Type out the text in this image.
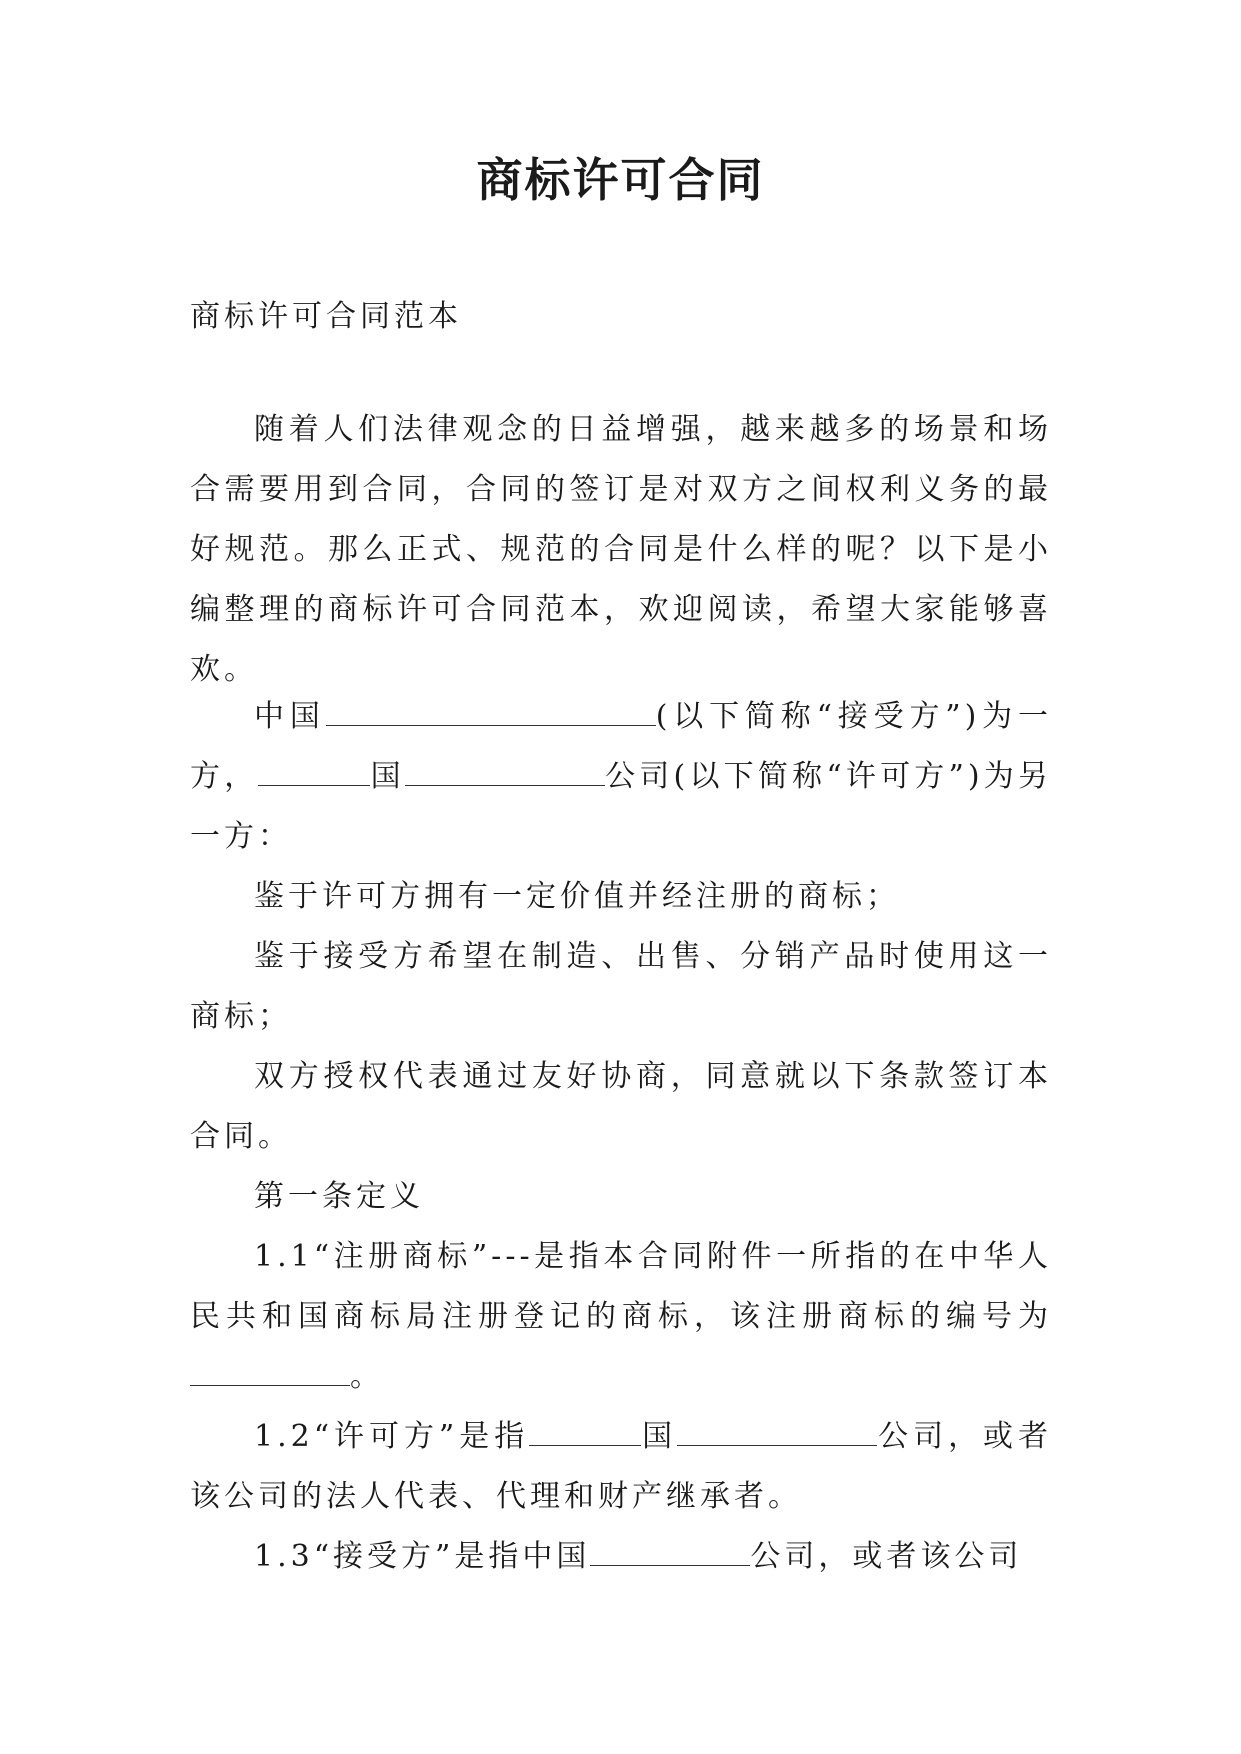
商标许可合同

商标许可合同范本

随着人们法律观念的日益增强，越来越多的场景和场合需要用到合同，合同的签订是对双方之间权利义务的最好规范。那么正式、规范的合同是什么样的呢？以下是小编整理的商标许可合同范本，欢迎阅读，希望大家能够喜欢。

中国	(以下简称“接受方”)为一方，	国	公司(以下简称“许可方”)为另一方：

鉴于许可方拥有一定价值并经注册的商标；

鉴于接受方希望在制造、出售、分销产品时使用这一商标；

双方授权代表通过友好协商，同意就以下条款签订本合同。

第一条定义

1.1“注册商标”---是指本合同附件一所指的在中华人民共和国商标局注册登记的商标，该注册商标的编号为。

1.2“许可方”是指	国	公司，或者该公司的法人代表、代理和财产继承者。

1.3“接受方”是指中国	公司，或者该公司
